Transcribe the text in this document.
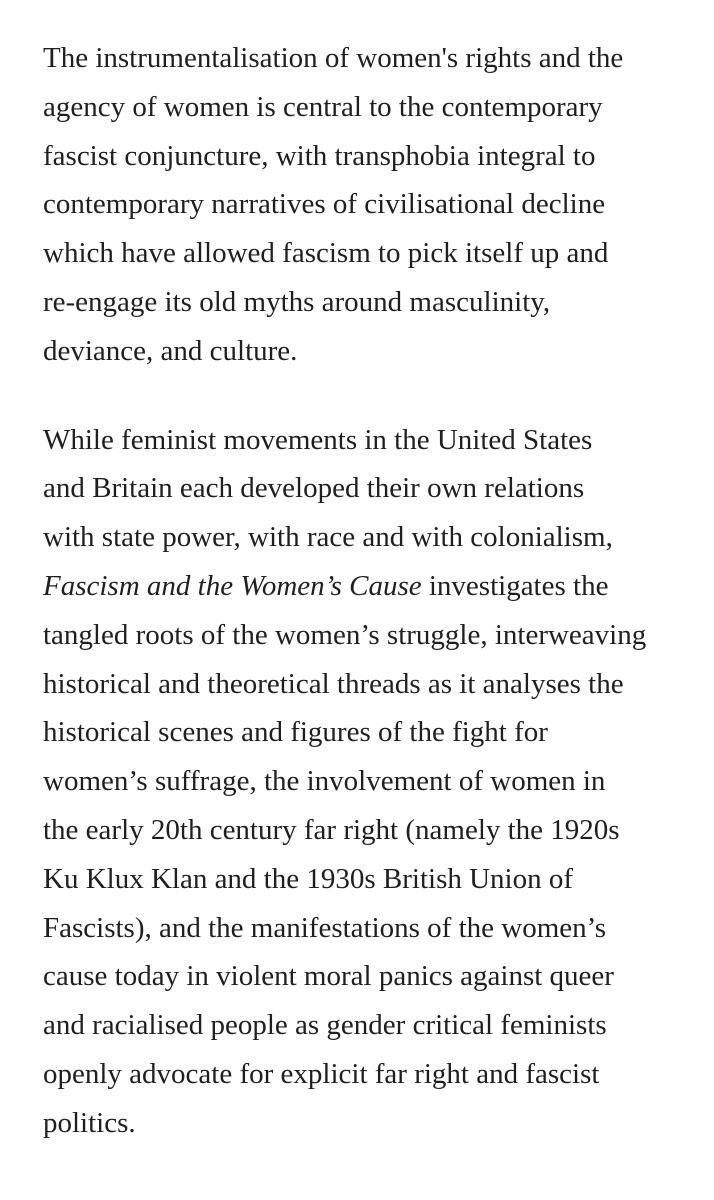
The instrumentalisation of women's rights and the
agency of women is central to the contemporary
fascist conjuncture, with transphobia integral to
contemporary narratives of civilisational decline
which have allowed fascism to pick itself up and
re-engage its old myths around masculinity,
deviance, and culture.

While feminist movements in the United States
and Britain each developed their own relations
with state power, with race and with colonialism,
Fascism and the Women’s Cause investigates the
tangled roots of the women’s struggle, interweaving
historical and theoretical threads as it analyses the
historical scenes and figures of the fight for
women’s suffrage, the involvement of women in
the early 20th century far right (namely the 1920s
Ku Klux Klan and the 1930s British Union of
Fascists), and the manifestations of the women’s
cause today in violent moral panics against queer
and racialised people as gender critical feminists
openly advocate for explicit far right and fascist
politics.
